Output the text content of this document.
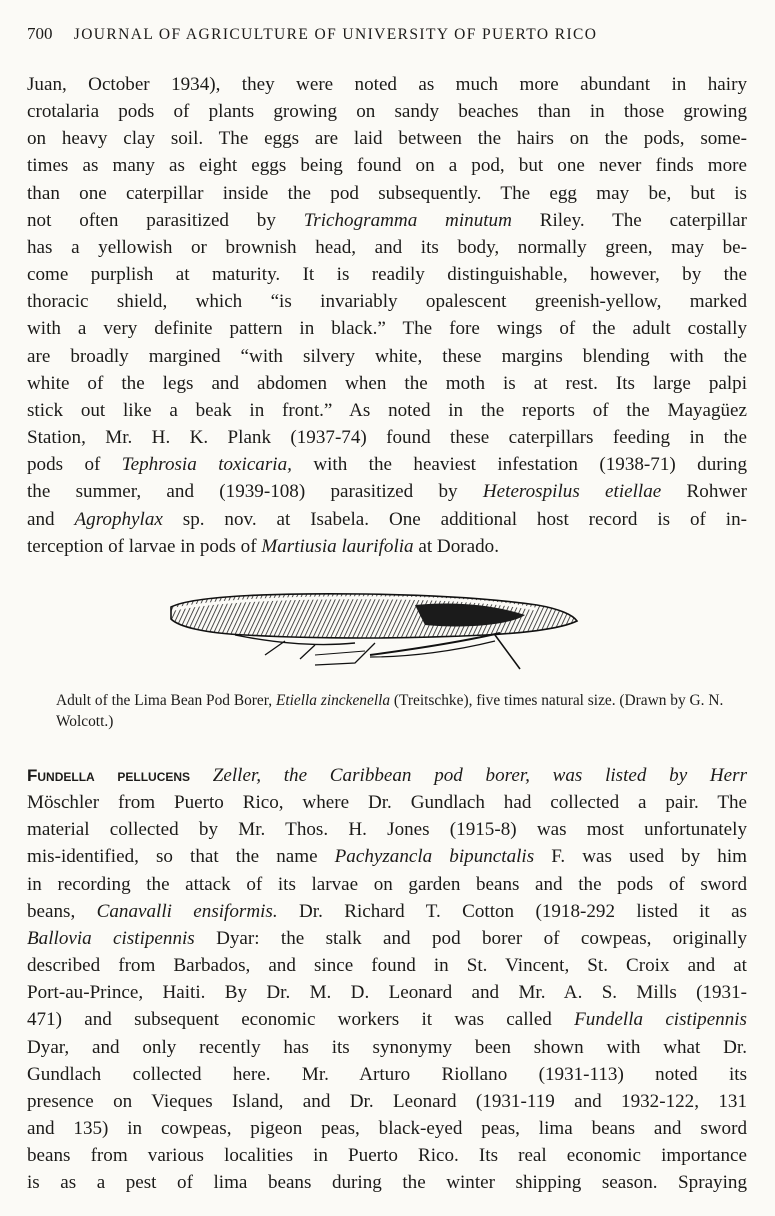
700 JOURNAL OF AGRICULTURE OF UNIVERSITY OF PUERTO RICO
Juan, October 1934), they were noted as much more abundant in hairy
crotalaria pods of plants growing on sandy beaches than in those growing
on heavy clay soil. The eggs are laid between the hairs on the pods, some-
times as many as eight eggs being found on a pod, but one never finds more
than one caterpillar inside the pod subsequently. The egg may be, but is
not often parasitized by Trichogramma minutum Riley. The caterpillar
has a yellowish or brownish head, and its body, normally green, may be-
come purplish at maturity. It is readily distinguishable, however, by the
thoracic shield, which “is invariably opalescent greenish-yellow, marked
with a very definite pattern in black.” The fore wings of the adult costally
are broadly margined “with silvery white, these margins blending with the
white of the legs and abdomen when the moth is at rest. Its large palpi
stick out like a beak in front.” As noted in the reports of the Mayagüez
Station, Mr. H. K. Plank (1937-74) found these caterpillars feeding in the
pods of Tephrosia toxicaria, with the heaviest infestation (1938-71) during
the summer, and (1939-108) parasitized by Heterospilus etiellae Rohwer
and Agrophylax sp. nov. at Isabela. One additional host record is of in-
terception of larvae in pods of Martiusia laurifolia at Dorado.
Adult of the Lima Bean Pod Borer, Etiella zinckenella (Treitschke), five times natural size. (Drawn by G. N. Wolcott.)
Fundella pellucens Zeller, the Caribbean pod borer, was listed by Herr
Möschler from Puerto Rico, where Dr. Gundlach had collected a pair. The
material collected by Mr. Thos. H. Jones (1915-8) was most unfortunately
mis-identified, so that the name Pachyzancla bipunctalis F. was used by him
in recording the attack of its larvae on garden beans and the pods of sword
beans, Canavalli ensiformis. Dr. Richard T. Cotton (1918-292 listed it as
Ballovia cistipennis Dyar: the stalk and pod borer of cowpeas, originally
described from Barbados, and since found in St. Vincent, St. Croix and at
Port-au-Prince, Haiti. By Dr. M. D. Leonard and Mr. A. S. Mills (1931-
471) and subsequent economic workers it was called Fundella cistipennis
Dyar, and only recently has its synonymy been shown with what Dr.
Gundlach collected here. Mr. Arturo Riollano (1931-113) noted its
presence on Vieques Island, and Dr. Leonard (1931-119 and 1932-122, 131
and 135) in cowpeas, pigeon peas, black-eyed peas, lima beans and sword
beans from various localities in Puerto Rico. Its real economic importance
is as a pest of lima beans during the winter shipping season. Spraying
